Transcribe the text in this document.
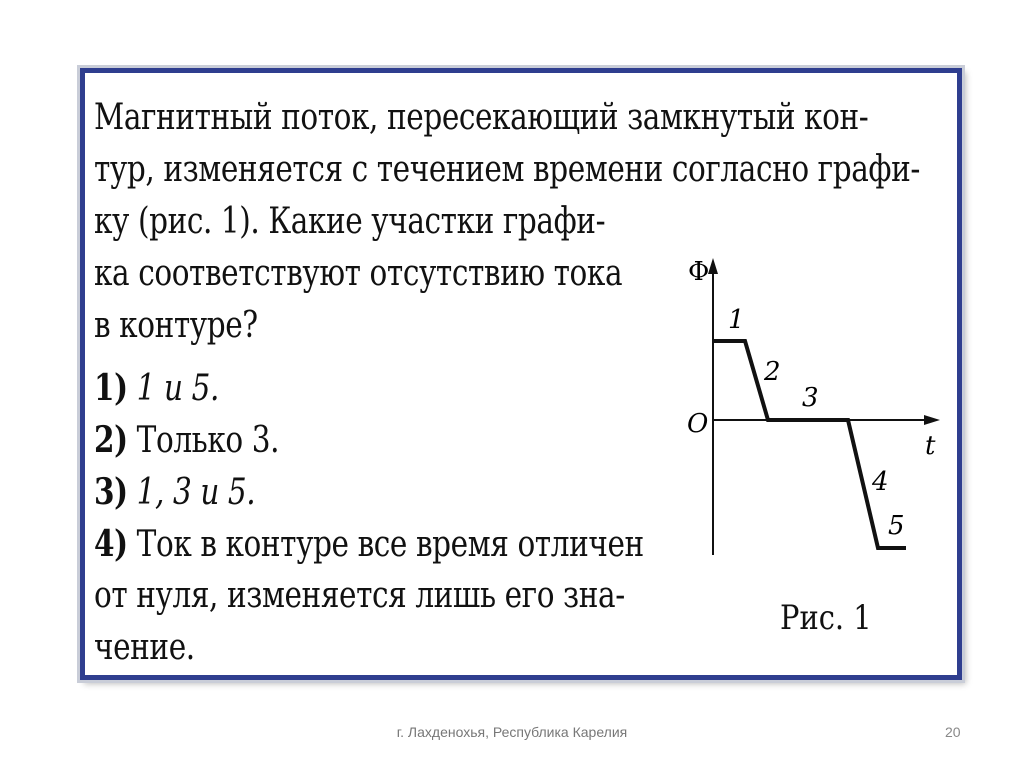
Магнитный поток, пересекающий замкнутый кон-
тур, изменяется с течением времени согласно графи-
ку (рис. 1). Какие участки графи-
ка соответствуют отсутствию тока
в контуре?
1) 1 и 5.
2) Только 3.
3) 1, 3 и 5.
4) Ток в контуре все время отличен
от нуля, изменяется лишь его зна-
чение.
Φ
t
O
1
2
3
4
5
Рис. 1
г. Лахденохья, Республика Карелия	20
